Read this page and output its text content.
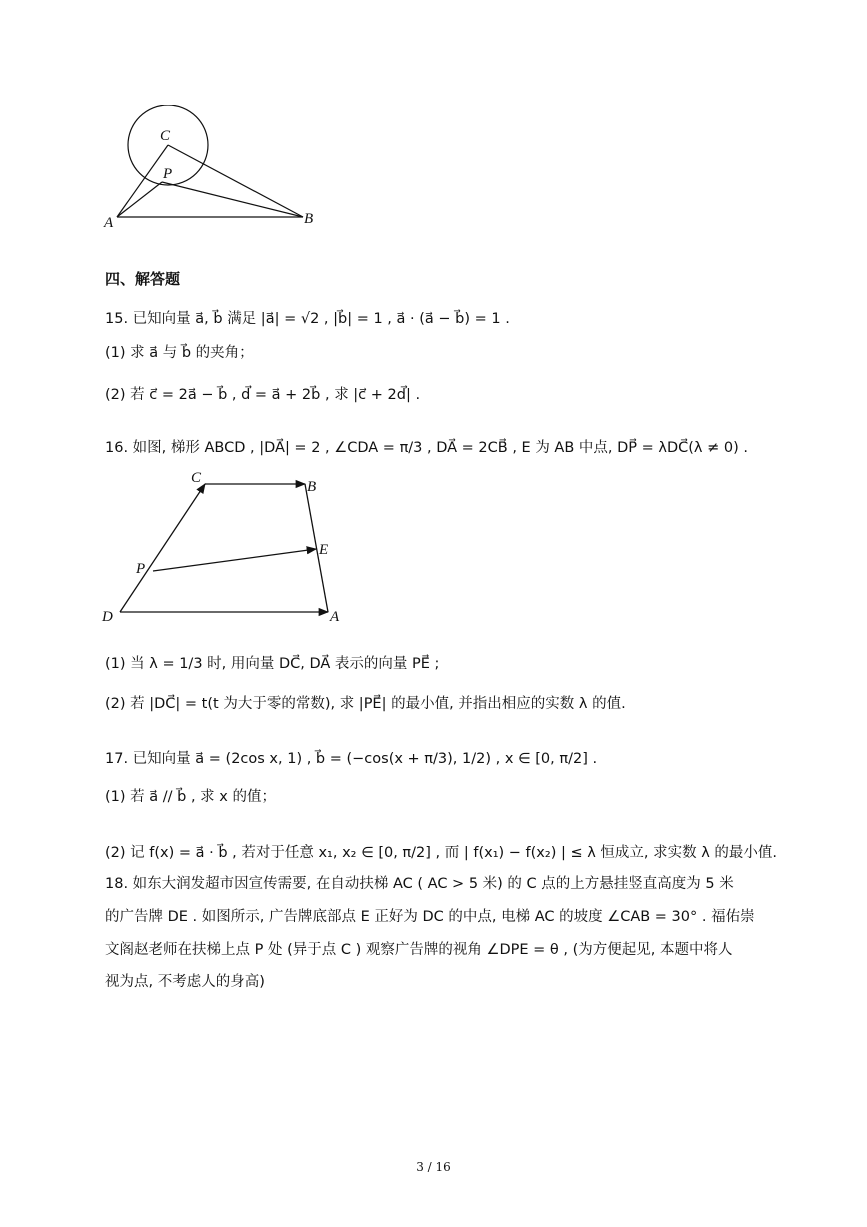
C
P
A	B
四、解答题
15. 已知向量 a⃗, b⃗ 满足 |a⃗| = √2 , |b⃗| = 1 , a⃗ · (a⃗ − b⃗) = 1 .
(1) 求 a⃗ 与 b⃗ 的夹角；
(2) 若 c⃗ = 2a⃗ − b⃗ , d⃗ = a⃗ + 2b⃗ , 求 |c⃗ + 2d⃗| .
16. 如图, 梯形 ABCD , |DA⃗| = 2 , ∠CDA = π/3 , DA⃗ = 2CB⃗ , E 为 AB 中点, DP⃗ = λDC⃗(λ ≠ 0) .
C
B
E
P
D	A
(1) 当 λ = 1/3 时, 用向量 DC⃗, DA⃗ 表示的向量 PE⃗ ;
(2) 若 |DC⃗| = t(t 为大于零的常数), 求 |PE⃗| 的最小值, 并指出相应的实数 λ 的值.
17. 已知向量 a⃗ = (2cos x, 1) , b⃗ = (−cos(x + π/3), 1/2) , x ∈ [0, π/2] .
(1) 若 a⃗ // b⃗ , 求 x 的值；
(2) 记 f(x) = a⃗ · b⃗ , 若对于任意 x₁, x₂ ∈ [0, π/2] , 而 | f(x₁) − f(x₂) | ≤ λ 恒成立, 求实数 λ 的最小值.
18. 如东大润发超市因宣传需要, 在自动扶梯 AC ( AC > 5 米) 的 C 点的上方悬挂竖直高度为 5 米
的广告牌 DE . 如图所示, 广告牌底部点 E 正好为 DC 的中点, 电梯 AC 的坡度 ∠CAB = 30° . 福佑崇
文阁赵老师在扶梯上点 P 处 (异于点 C ) 观察广告牌的视角 ∠DPE = θ , (为方便起见, 本题中将人
视为点, 不考虑人的身高)
3 / 16
